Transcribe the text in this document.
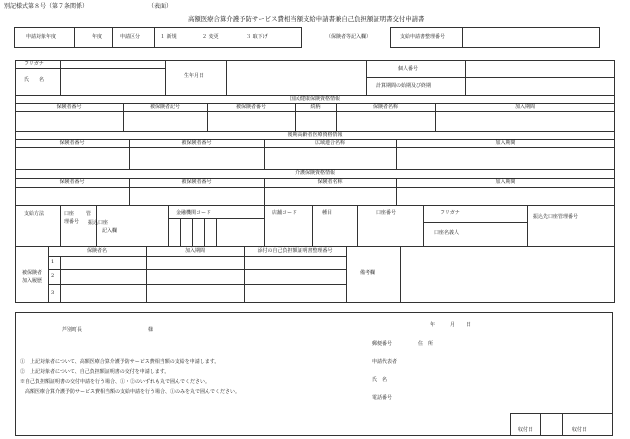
別記様式第８号（第７条関係）	（表面）
高額医療合算介護予防サービス費相当額支給申請書兼自己負担額証明書交付申請書
申請対象年度	年度	申請区分	１ 新規	２ 変更	３ 取下げ	（保険者等記入欄）	支給申請書整理番号
フリガナ
氏　　名
生年月日
個人番号
計算期間の始期及び終期
国民健康保険資格情報
保険者番号	被保険者記号	被保険者番号	続柄	保険者名称	加入期間
後期高齢者医療資格情報
保険者番号	被保険者番号	広域連合名称	加入期間
介護保険資格情報
保険者番号	被保険者番号	保険者名称	加入期間
支給方法	口座 管
理番号 振込口座
記入欄
金融機関コード	店舗コード	種目	口座番号	フリガナ
口座名義人
振込先口座管理番号
被保険者
加入 履歴
保険者名	加入期間	添付の自己負担額証明書整理番号
1
2
3
備考欄
芦別町長	様
年	月 日
郵便番号	住　所
申請代表者
氏　名
電話番号
①　上記対象者について、高額医療合算介護予防サービス費相当額の支給を申請します。
②　上記対象者について、自己負担額証明書の交付を申請します。
※自己負担額証明書の交付申請を行う場合、①・②のいずれも丸で囲んでください。
　高額医療合算介護予防サービス費相当額の支給申請を行う場合、①のみを丸で囲んでください。
収付日	収付日
